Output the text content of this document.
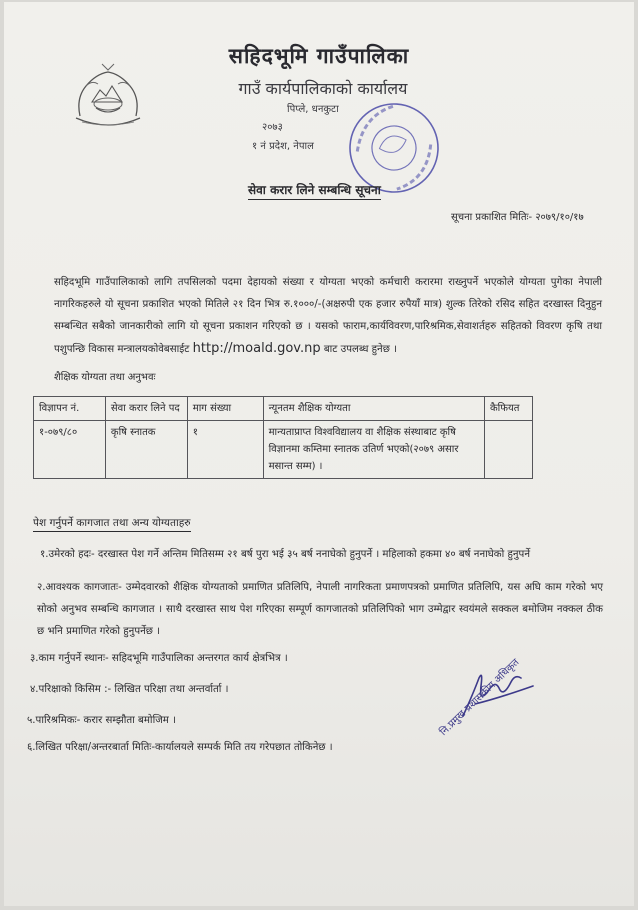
सहिदभूमि गाउँपालिका
गाउँ कार्यपालिकाको कार्यालय
पिप्ले, धनकुटा
२०७३
१ नं प्रदेश, नेपाल
सेवा करार लिने सम्बन्धि सूचना
सूचना प्रकाशित मितिः- २०७९/१०/१७
सहिदभूमि गाउँपालिकाको लागि तपसिलको पदमा देहायको संख्या र योग्यता भएको कर्मचारी करारमा राख्नुपर्ने भएकोले योग्यता पुगेका नेपाली नागरिकहरुले यो सूचना प्रकाशित भएको मितिले २१ दिन भित्र रु.१०००/-(अक्षरुपी एक हजार रुपैयाँ मात्र) शुल्क तिरेको रसिद सहित दरखास्त दिनुहुन सम्बन्धित सबैको जानकारीको लागि यो सूचना प्रकाशन गरिएको छ । यसको फाराम,कार्यविवरण,पारिश्रमिक,सेवाशर्तहरु सहितको विवरण कृषि तथा पशुपन्छि विकास मन्त्रालयकोवेबसाईट http://moald.gov.np बाट उपलब्ध हुनेछ ।
शैक्षिक योग्यता तथा अनुभवः
विज्ञापन नं.	सेवा करार लिने पद	माग संख्या	न्यूनतम शैक्षिक योग्यता	कैफियत
१-०७९/८०	कृषि स्नातक	१	मान्यताप्राप्त विश्वविद्यालय वा शैक्षिक संस्थाबाट कृषि विज्ञानमा कम्तिमा स्नातक उतिर्ण भएको(२०७९ असार मसान्त सम्म) ।	
पेश गर्नुपर्ने कागजात तथा अन्य योग्यताहरु
१.उमेरको हदः- दरखास्त पेश गर्ने अन्तिम मितिसम्म २१ बर्ष पुरा भई ३५ बर्ष ननाघेको हुनुपर्ने । महिलाको हकमा ४० बर्ष ननाघेको हुनुपर्ने
२.आवश्यक कागजातः- उम्मेदवारको शैक्षिक योग्यताको प्रमाणित प्रतिलिपि, नेपाली नागरिकता प्रमाणपत्रको प्रमाणित प्रतिलिपि, यस अघि काम गरेको भए सोको अनुभव सम्बन्धि कागजात । साथै दरखास्त साथ पेश गरिएका सम्पूर्ण कागजातको प्रतिलिपिको भाग उम्मेद्वार स्वयंमले सक्कल बमोजिम नक्कल ठीक छ भनि प्रमाणित गरेको हुनुपर्नेछ ।
३.काम गर्नुपर्ने स्थानः- सहिदभूमि गाउँपालिका अन्तरगत कार्य क्षेत्रभित्र ।
४.परिक्षाको किसिम :- लिखित परिक्षा तथा अन्तर्वार्ता ।
५.पारिश्रमिकः- करार सम्झौता बमोजिम ।
६.लिखित परिक्षा/अन्तरबार्ता मितिः-कार्यालयले सम्पर्क मिति तय गरेपछात तोकिनेछ ।
नि.प्रमुख प्रशासकीय अधिकृत
